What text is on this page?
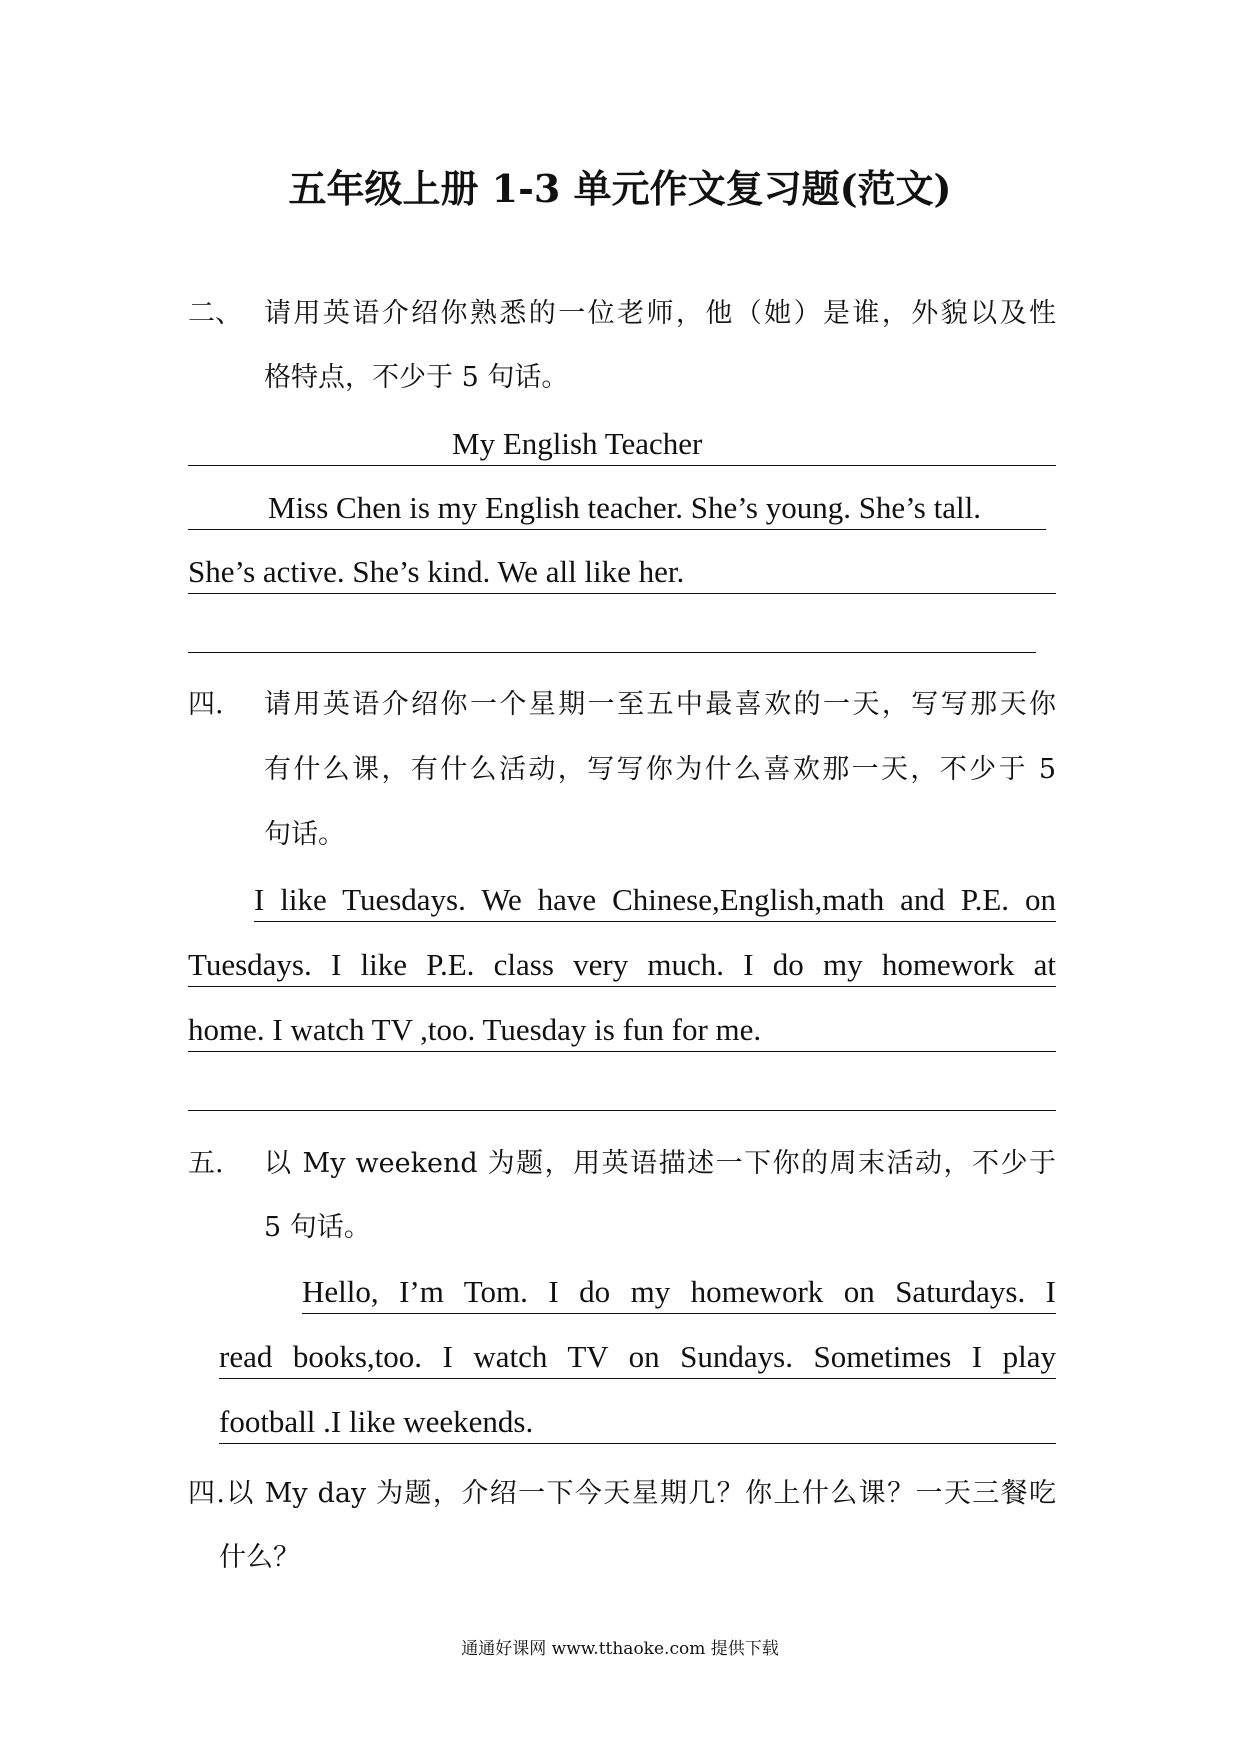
五年级上册 1-3 单元作文复习题(范文)
二、 请用英语介绍你熟悉的一位老师，他（她）是谁，外貌以及性
格特点，不少于 5 句话。
My English Teacher
Miss Chen is my English teacher. She’s young. She’s tall.
She’s active. She’s kind. We all like her.
四. 请用英语介绍你一个星期一至五中最喜欢的一天，写写那天你
有什么课，有什么活动，写写你为什么喜欢那一天，不少于 5
句话。
I like Tuesdays. We have Chinese,English,math and P.E. on
Tuesdays. I like P.E. class very much. I do my homework at
home. I watch TV ,too. Tuesday is fun for me.
五. 以 My weekend 为题，用英语描述一下你的周末活动，不少于
5 句话。
Hello, I’m Tom. I do my homework on Saturdays. I
read books,too. I watch TV on Sundays. Sometimes I play
football .I like weekends.
四.以 My day 为题，介绍一下今天星期几？你上什么课？一天三餐吃
什么？
通通好课网 www.tthaoke.com 提供下载
